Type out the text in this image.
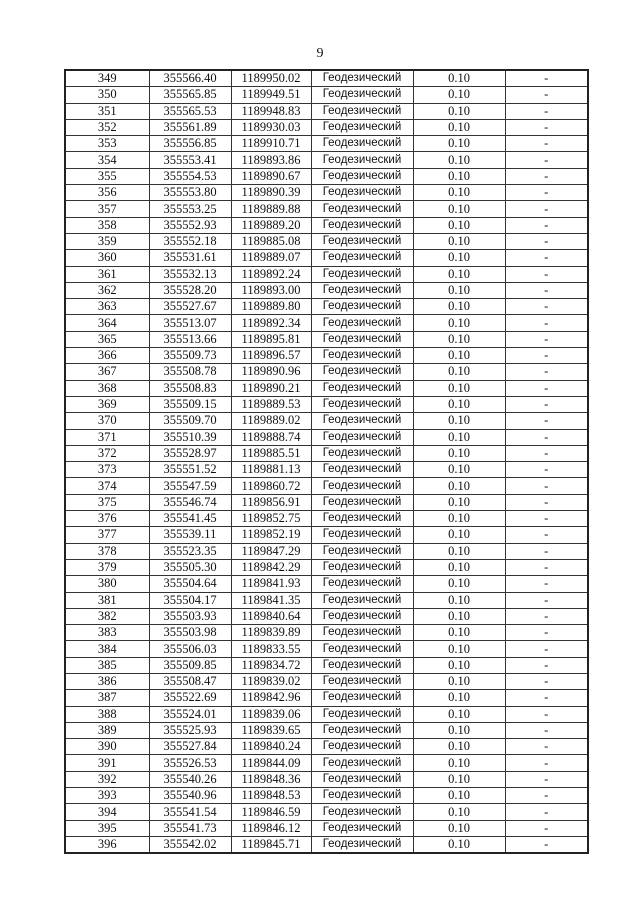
9
349	355566.40	1189950.02	Геодезический	0.10	-
350	355565.85	1189949.51	Геодезический	0.10	-
351	355565.53	1189948.83	Геодезический	0.10	-
352	355561.89	1189930.03	Геодезический	0.10	-
353	355556.85	1189910.71	Геодезический	0.10	-
354	355553.41	1189893.86	Геодезический	0.10	-
355	355554.53	1189890.67	Геодезический	0.10	-
356	355553.80	1189890.39	Геодезический	0.10	-
357	355553.25	1189889.88	Геодезический	0.10	-
358	355552.93	1189889.20	Геодезический	0.10	-
359	355552.18	1189885.08	Геодезический	0.10	-
360	355531.61	1189889.07	Геодезический	0.10	-
361	355532.13	1189892.24	Геодезический	0.10	-
362	355528.20	1189893.00	Геодезический	0.10	-
363	355527.67	1189889.80	Геодезический	0.10	-
364	355513.07	1189892.34	Геодезический	0.10	-
365	355513.66	1189895.81	Геодезический	0.10	-
366	355509.73	1189896.57	Геодезический	0.10	-
367	355508.78	1189890.96	Геодезический	0.10	-
368	355508.83	1189890.21	Геодезический	0.10	-
369	355509.15	1189889.53	Геодезический	0.10	-
370	355509.70	1189889.02	Геодезический	0.10	-
371	355510.39	1189888.74	Геодезический	0.10	-
372	355528.97	1189885.51	Геодезический	0.10	-
373	355551.52	1189881.13	Геодезический	0.10	-
374	355547.59	1189860.72	Геодезический	0.10	-
375	355546.74	1189856.91	Геодезический	0.10	-
376	355541.45	1189852.75	Геодезический	0.10	-
377	355539.11	1189852.19	Геодезический	0.10	-
378	355523.35	1189847.29	Геодезический	0.10	-
379	355505.30	1189842.29	Геодезический	0.10	-
380	355504.64	1189841.93	Геодезический	0.10	-
381	355504.17	1189841.35	Геодезический	0.10	-
382	355503.93	1189840.64	Геодезический	0.10	-
383	355503.98	1189839.89	Геодезический	0.10	-
384	355506.03	1189833.55	Геодезический	0.10	-
385	355509.85	1189834.72	Геодезический	0.10	-
386	355508.47	1189839.02	Геодезический	0.10	-
387	355522.69	1189842.96	Геодезический	0.10	-
388	355524.01	1189839.06	Геодезический	0.10	-
389	355525.93	1189839.65	Геодезический	0.10	-
390	355527.84	1189840.24	Геодезический	0.10	-
391	355526.53	1189844.09	Геодезический	0.10	-
392	355540.26	1189848.36	Геодезический	0.10	-
393	355540.96	1189848.53	Геодезический	0.10	-
394	355541.54	1189846.59	Геодезический	0.10	-
395	355541.73	1189846.12	Геодезический	0.10	-
396	355542.02	1189845.71	Геодезический	0.10	-
